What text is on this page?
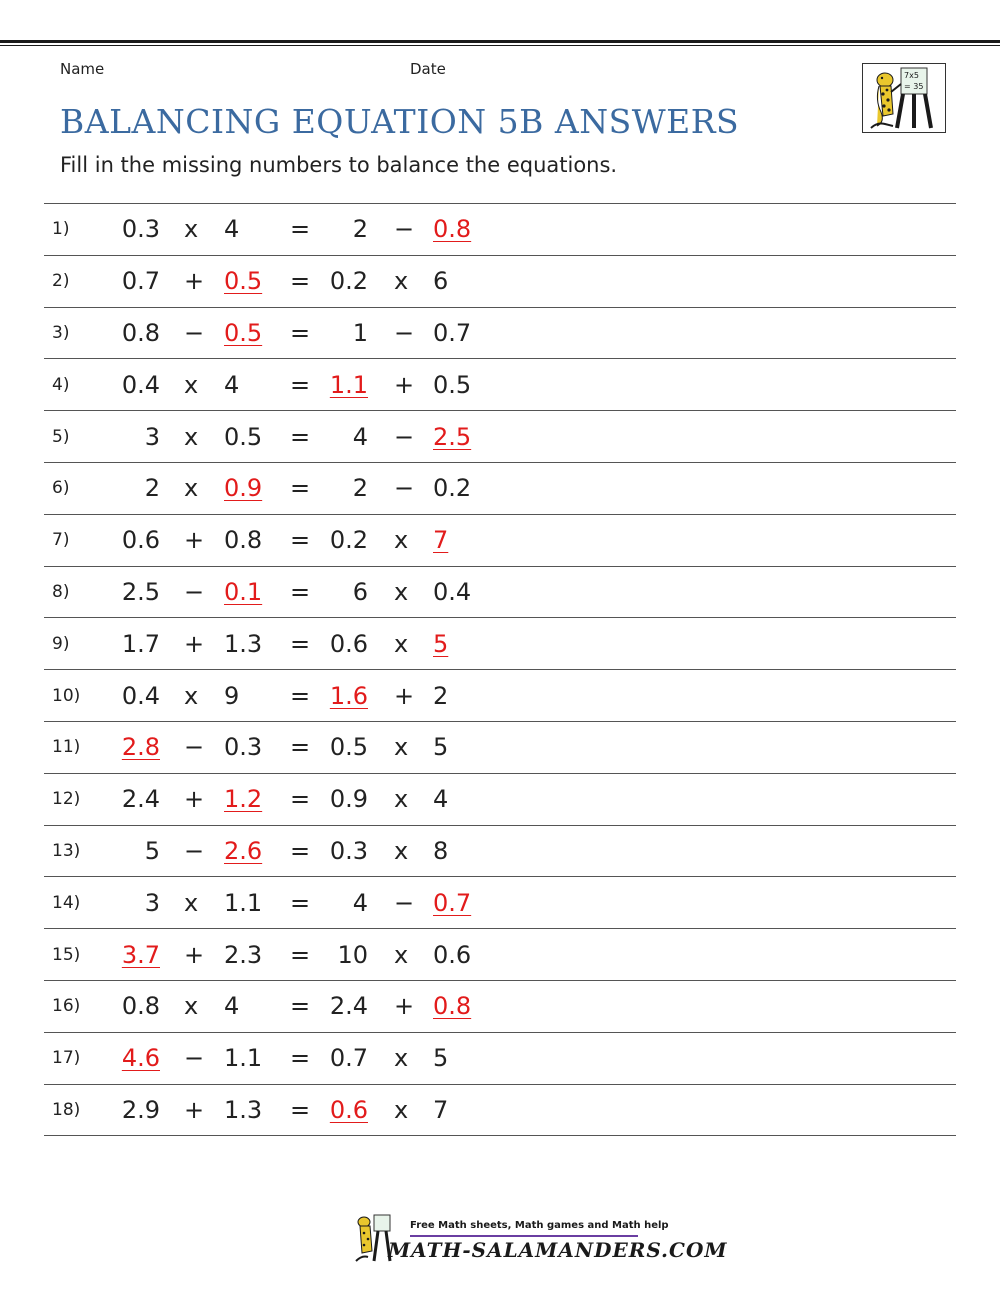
Name	Date	7x5
= 35
BALANCING EQUATION 5B ANSWERS
Fill in the missing numbers to balance the equations.
1) 0.3 x 4 = 2 − 0.8
2) 0.7 + 0.5 = 0.2 x 6
3) 0.8 − 0.5 = 1 − 0.7
4) 0.4 x 4 = 1.1 + 0.5
5)	3 x 0.5 = 4 − 2.5
6)	2 x 0.9 = 2 − 0.2
7) 0.6 + 0.8 = 0.2 x 7
8) 2.5 − 0.1 = 6 x 0.4
9) 1.7 + 1.3 = 0.6 x 5
10) 0.4 x 9 = 1.6 + 2
11) 2.8 − 0.3 = 0.5 x 5
12) 2.4 + 1.2 = 0.9 x 4
13)	5 − 2.6 = 0.3 x 8
14)	3 x 1.1 = 4 − 0.7
15) 3.7 + 2.3 = 10 x 0.6
16) 0.8 x 4 = 2.4 + 0.8
17) 4.6 − 1.1 = 0.7 x 5
18) 2.9 + 1.3 = 0.6 x 7
Free Math sheets, Math games and Math help
MATH-SALAMANDERS.COM
